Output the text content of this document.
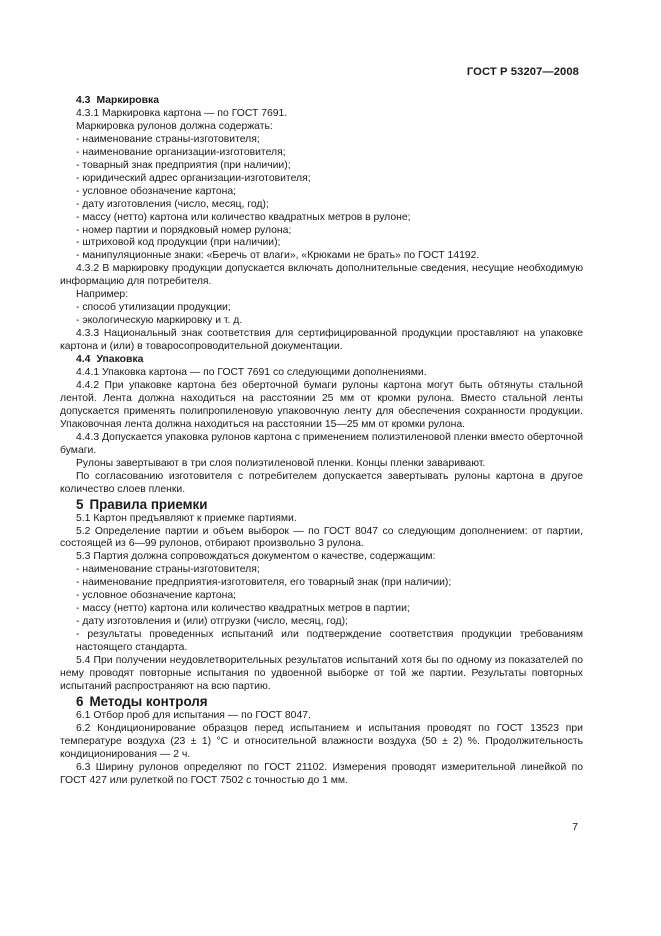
ГОСТ Р 53207—2008

4.3 Маркировка

4.3.1 Маркировка картона — по ГОСТ 7691.

Маркировка рулонов должна содержать:

- наименование страны-изготовителя;

- наименование организации-изготовителя;

- товарный знак предприятия (при наличии);

- юридический адрес организации-изготовителя;

- условное обозначение картона;

- дату изготовления (число, месяц, год);

- массу (нетто) картона или количество квадратных метров в рулоне;

- номер партии и порядковый номер рулона;

- штриховой код продукции (при наличии);

- манипуляционные знаки: «Беречь от влаги», «Крюками не брать» по ГОСТ 14192.

4.3.2 В маркировку продукции допускается включать дополнительные сведения, несущие необходимую информацию для потребителя.

Например:

- способ утилизации продукции;

- экологическую маркировку и т. д.

4.3.3 Национальный знак соответствия для сертифицированной продукции проставляют на упаковке картона и (или) в товаросопроводительной документации.

4.4 Упаковка

4.4.1 Упаковка картона — по ГОСТ 7691 со следующими дополнениями.

4.4.2 При упаковке картона без оберточной бумаги рулоны картона могут быть обтянуты стальной лентой. Лента должна находиться на расстоянии 25 мм от кромки рулона. Вместо стальной ленты допускается применять полипропиленовую упаковочную ленту для обеспечения сохранности продукции. Упаковочная лента должна находиться на расстоянии 15—25 мм от кромки рулона.

4.4.3 Допускается упаковка рулонов картона с применением полиэтиленовой пленки вместо оберточной бумаги.

Рулоны завертывают в три слоя полиэтиленовой пленки. Концы пленки заваривают.

По согласованию изготовителя с потребителем допускается завертывать рулоны картона в другое количество слоев пленки.

5 Правила приемки

5.1 Картон предъявляют к приемке партиями.

5.2 Определение партии и объем выборок — по ГОСТ 8047 со следующим дополнением: от партии, состоящей из 6—99 рулонов, отбирают произвольно 3 рулона.

5.3 Партия должна сопровождаться документом о качестве, содержащим:

- наименование страны-изготовителя;

- наименование предприятия-изготовителя, его товарный знак (при наличии);

- условное обозначение картона;

- массу (нетто) картона или количество квадратных метров в партии;

- дату изготовления и (или) отгрузки (число, месяц, год);

- результаты проведенных испытаний или подтверждение соответствия продукции требованиям настоящего стандарта.

5.4 При получении неудовлетворительных результатов испытаний хотя бы по одному из показателей по нему проводят повторные испытания по удвоенной выборке от той же партии. Результаты повторных испытаний распространяют на всю партию.

6 Методы контроля

6.1 Отбор проб для испытания — по ГОСТ 8047.

6.2 Кондиционирование образцов перед испытанием и испытания проводят по ГОСТ 13523 при температуре воздуха (23 ± 1) °С и относительной влажности воздуха (50 ± 2) %. Продолжительность кондиционирования — 2 ч.

6.3 Ширину рулонов определяют по ГОСТ 21102. Измерения проводят измерительной линейкой по ГОСТ 427 или рулеткой по ГОСТ 7502 с точностью до 1 мм.

7
